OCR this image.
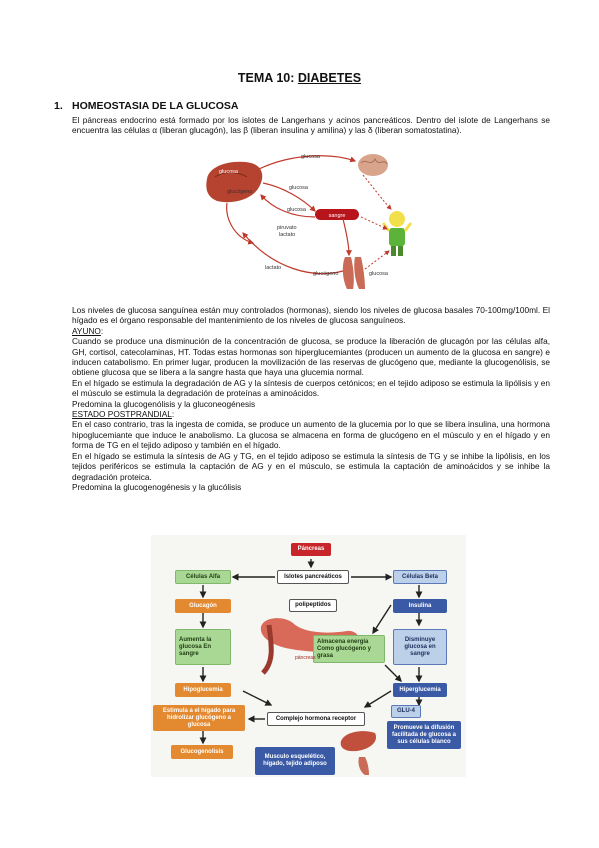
TEMA 10: DIABETES
1. HOMEOSTASIA DE LA GLUCOSA

El páncreas endocrino está formado por los islotes de Langerhans y acinos pancreáticos. Dentro del islote de Langerhans se encuentra las células α (liberan glucagón), las β (liberan insulina y amilina) y las δ (liberan somatostatina).

sangre
glucosa
glucosa
glucosa
glucógeno
glucosa
piruvato
lactato
lactato
glucógeno	glucosa

Los niveles de glucosa sanguínea están muy controlados (hormonas), siendo los niveles de glucosa basales 70-100mg/100ml. El hígado es el órgano responsable del mantenimiento de los niveles de glucosa sanguíneos.

AYUNO:

Cuando se produce una disminución de la concentración de glucosa, se produce la liberación de glucagón por las células alfa, GH, cortisol, catecolaminas, HT. Todas estas hormonas son hiperglucemiantes (producen un aumento de la glucosa en sangre) e inducen catabolismo. En primer lugar, producen la movilización de las reservas de glucógeno que, mediante la glucogenólisis, se obtiene glucosa que se libera a la sangre hasta que haya una glucemia normal.

En el hígado se estimula la degradación de AG y la síntesis de cuerpos cetónicos; en el tejido adiposo se estimula la lipólisis y en el músculo se estimula la degradación de proteínas a aminoácidos.

Predomina la glucogenólisis y la gluconeogénesis

ESTADO POSTPRANDIAL:

En el caso contrario, tras la ingesta de comida, se produce un aumento de la glucemia por lo que se libera insulina, una hormona hipoglucemiante que induce le anabolismo. La glucosa se almacena en forma de glucógeno en el músculo y en el hígado y en forma de TG en el tejido adiposo y también en el hígado.

En el hígado se estimula la síntesis de AG y TG, en el tejido adiposo se estimula la síntesis de TG y se inhibe la lipólisis, en los tejidos periféricos se estimula la captación de AG y en el músculo, se estimula la captación de aminoácidos y se inhibe la degradación proteica.

Predomina la glucogenogénesis y la glucólisis

Páncreas
Islotes pancreáticos
Células Alfa	Células Beta
Glucagón	polipeptidos	Insulina
Aumenta la glucosa En sangre
Almacena energía Como glucógeno y grasa
Disminuye glucosa en sangre
páncreas
Hipoglucemia	Hiperglucemia
Estimula a el hígado para hidrolizar glucógeno a glucosa
Complejo hormona receptor
GLU-4
Promueve la difusión facilitada de glucosa a sus células blanco
Glucogenolisis
Musculo esquelético, hígado, tejido adiposo
